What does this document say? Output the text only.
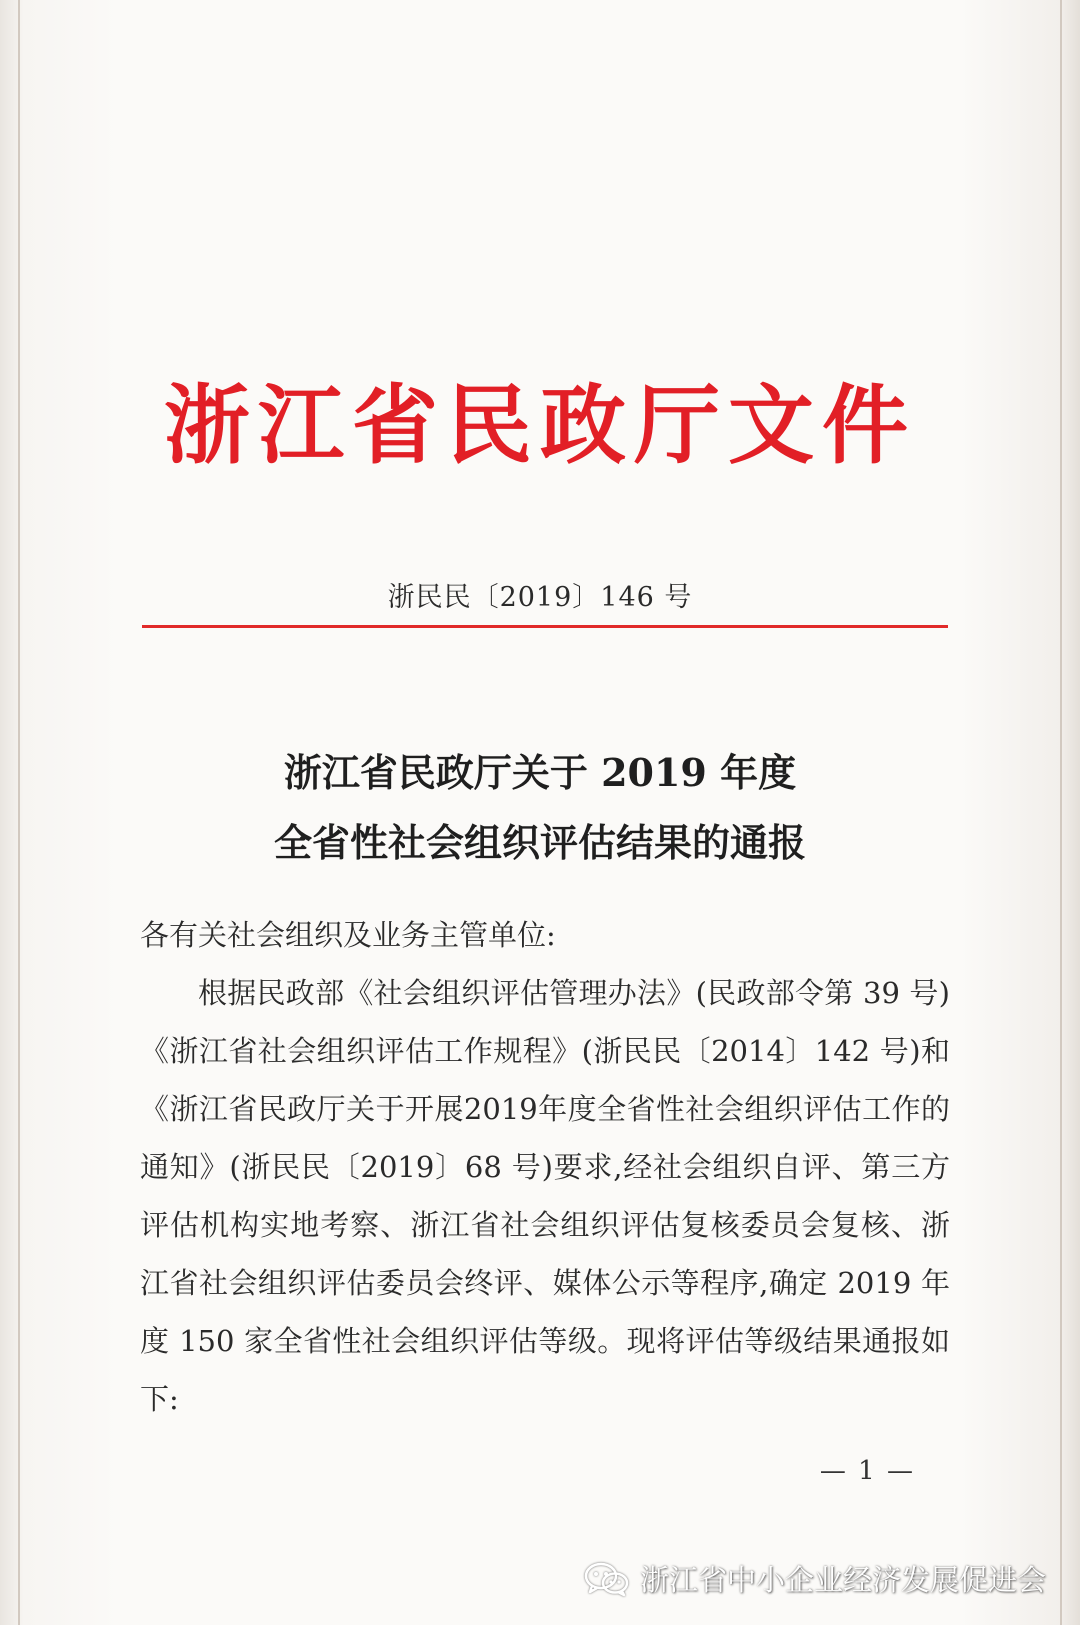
浙江省民政厅文件
浙民民〔2019〕146 号
浙江省民政厅关于 2019 年度
全省性社会组织评估结果的通报

各有关社会组织及业务主管单位:

根据民政部《社会组织评估管理办法》(民政部令第 39 号)《浙江省社会组织评估工作规程》(浙民民〔2014〕142 号)和《浙江省民政厅关于开展2019年度全省性社会组织评估工作的通知》(浙民民〔2019〕68 号)要求,经社会组织自评、第三方评估机构实地考察、浙江省社会组织评估复核委员会复核、浙江省社会组织评估委员会终评、媒体公示等程序,确定 2019 年度 150 家全省性社会组织评估等级。现将评估等级结果通报如下:

— 1 —
浙江省中小企业经济发展促进会
